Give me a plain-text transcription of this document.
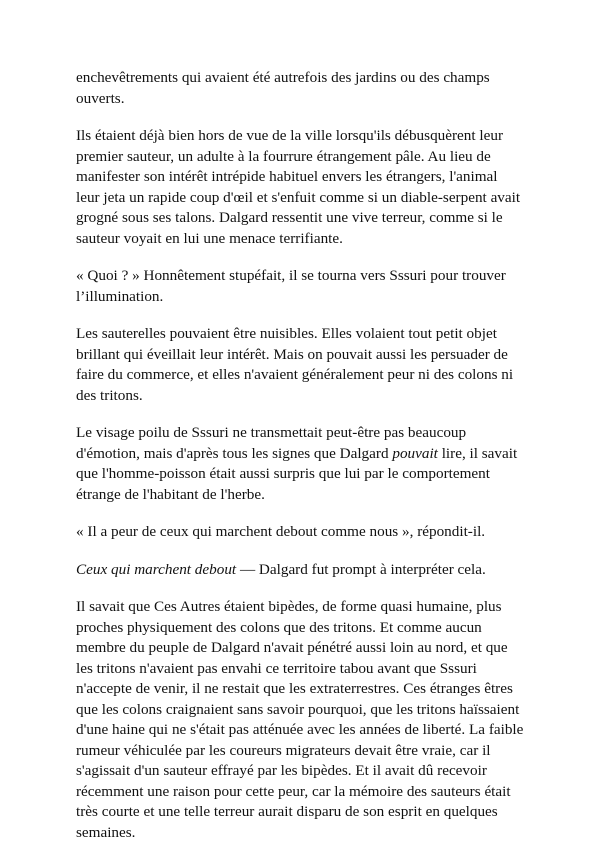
enchevêtrements qui avaient été autrefois des jardins ou des champs ouverts.

Ils étaient déjà bien hors de vue de la ville lorsqu'ils débusquèrent leur premier sauteur, un adulte à la fourrure étrangement pâle. Au lieu de manifester son intérêt intrépide habituel envers les étrangers, l'animal leur jeta un rapide coup d'œil et s'enfuit comme si un diable-serpent avait grogné sous ses talons. Dalgard ressentit une vive terreur, comme si le sauteur voyait en lui une menace terrifiante.

« Quoi ? » Honnêtement stupéfait, il se tourna vers Sssuri pour trouver l’illumination.

Les sauterelles pouvaient être nuisibles. Elles volaient tout petit objet brillant qui éveillait leur intérêt. Mais on pouvait aussi les persuader de faire du commerce, et elles n'avaient généralement peur ni des colons ni des tritons.

Le visage poilu de Sssuri ne transmettait peut-être pas beaucoup d'émotion, mais d'après tous les signes que Dalgard pouvait lire, il savait que l'homme-poisson était aussi surpris que lui par le comportement étrange de l'habitant de l'herbe.

« Il a peur de ceux qui marchent debout comme nous », répondit-il.

Ceux qui marchent debout — Dalgard fut prompt à interpréter cela.

Il savait que Ces Autres étaient bipèdes, de forme quasi humaine, plus proches physiquement des colons que des tritons. Et comme aucun membre du peuple de Dalgard n'avait pénétré aussi loin au nord, et que les tritons n'avaient pas envahi ce territoire tabou avant que Sssuri n'accepte de venir, il ne restait que les extraterrestres. Ces étranges êtres que les colons craignaient sans savoir pourquoi, que les tritons haïssaient d'une haine qui ne s'était pas atténuée avec les années de liberté. La faible rumeur véhiculée par les coureurs migrateurs devait être vraie, car il s'agissait d'un sauteur effrayé par les bipèdes. Et il avait dû recevoir récemment une raison pour cette peur, car la mémoire des sauteurs était très courte et une telle terreur aurait disparu de son esprit en quelques semaines.
